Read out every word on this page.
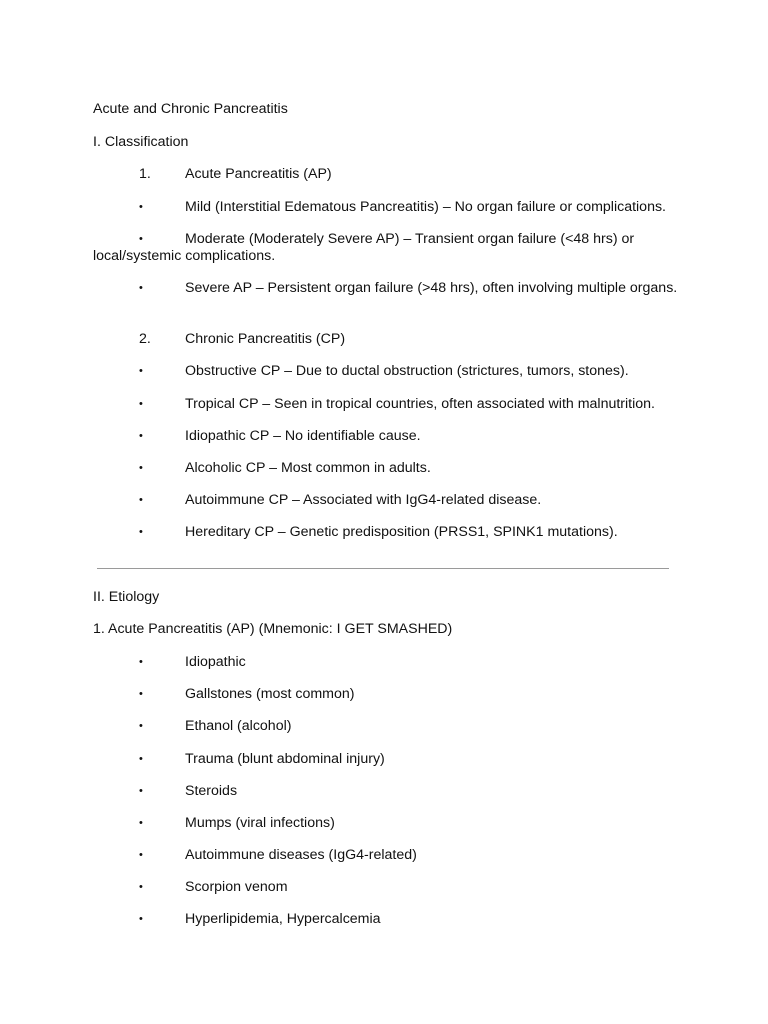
Acute and Chronic Pancreatitis
I. Classification
1. Acute Pancreatitis (AP)
•	Mild (Interstitial Edematous Pancreatitis) – No organ failure or complications.
•	Moderate (Moderately Severe AP) – Transient organ failure (<48 hrs) or local/systemic complications.
•	Severe AP – Persistent organ failure (>48 hrs), often involving multiple organs.
2. Chronic Pancreatitis (CP)
•	Obstructive CP – Due to ductal obstruction (strictures, tumors, stones).
•	Tropical CP – Seen in tropical countries, often associated with malnutrition.
•	Idiopathic CP – No identifiable cause.
•	Alcoholic CP – Most common in adults.
•	Autoimmune CP – Associated with IgG4-related disease.
•	Hereditary CP – Genetic predisposition (PRSS1, SPINK1 mutations).
II. Etiology
1. Acute Pancreatitis (AP) (Mnemonic: I GET SMASHED)
•	Idiopathic
•	Gallstones (most common)
•	Ethanol (alcohol)
•	Trauma (blunt abdominal injury)
•	Steroids
•	Mumps (viral infections)
•	Autoimmune diseases (IgG4-related)
•	Scorpion venom
•	Hyperlipidemia, Hypercalcemia
